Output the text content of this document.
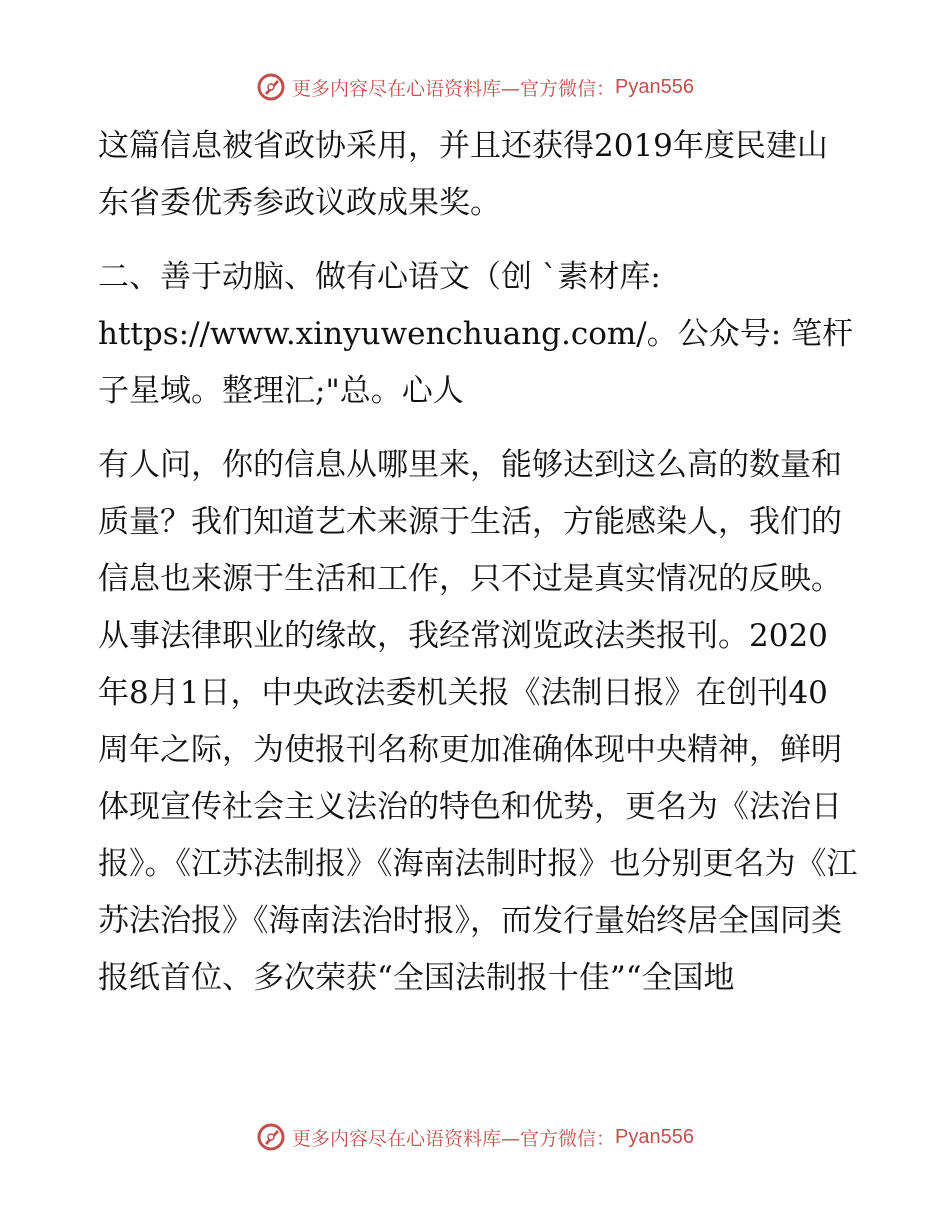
更多内容尽在心语资料库—官方微信： Pyan556

这篇信息被省政协采用，并且还获得2019年度民建山东省委优秀参政议政成果奖。

二、善于动脑、做有心语文（创 `素材库: https://www.xinyuwenchuang.com/。公众号: 笔杆子星域。整理汇;"总。心人

有人问，你的信息从哪里来，能够达到这么高的数量和质量？我们知道艺术来源于生活，方能感染人，我们的信息也来源于生活和工作，只不过是真实情况的反映。从事法律职业的缘故，我经常浏览政法类报刊。2020年8月1日，中央政法委机关报《法制日报》在创刊40周年之际，为使报刊名称更加准确体现中央精神，鲜明体现宣传社会主义法治的特色和优势，更名为《法治日报》。《江苏法制报》《海南法制时报》也分别更名为《江苏法治报》《海南法治时报》，而发行量始终居全国同类报纸首位、多次荣获“全国法制报十佳”“全国地

更多内容尽在心语资料库—官方微信： Pyan556
